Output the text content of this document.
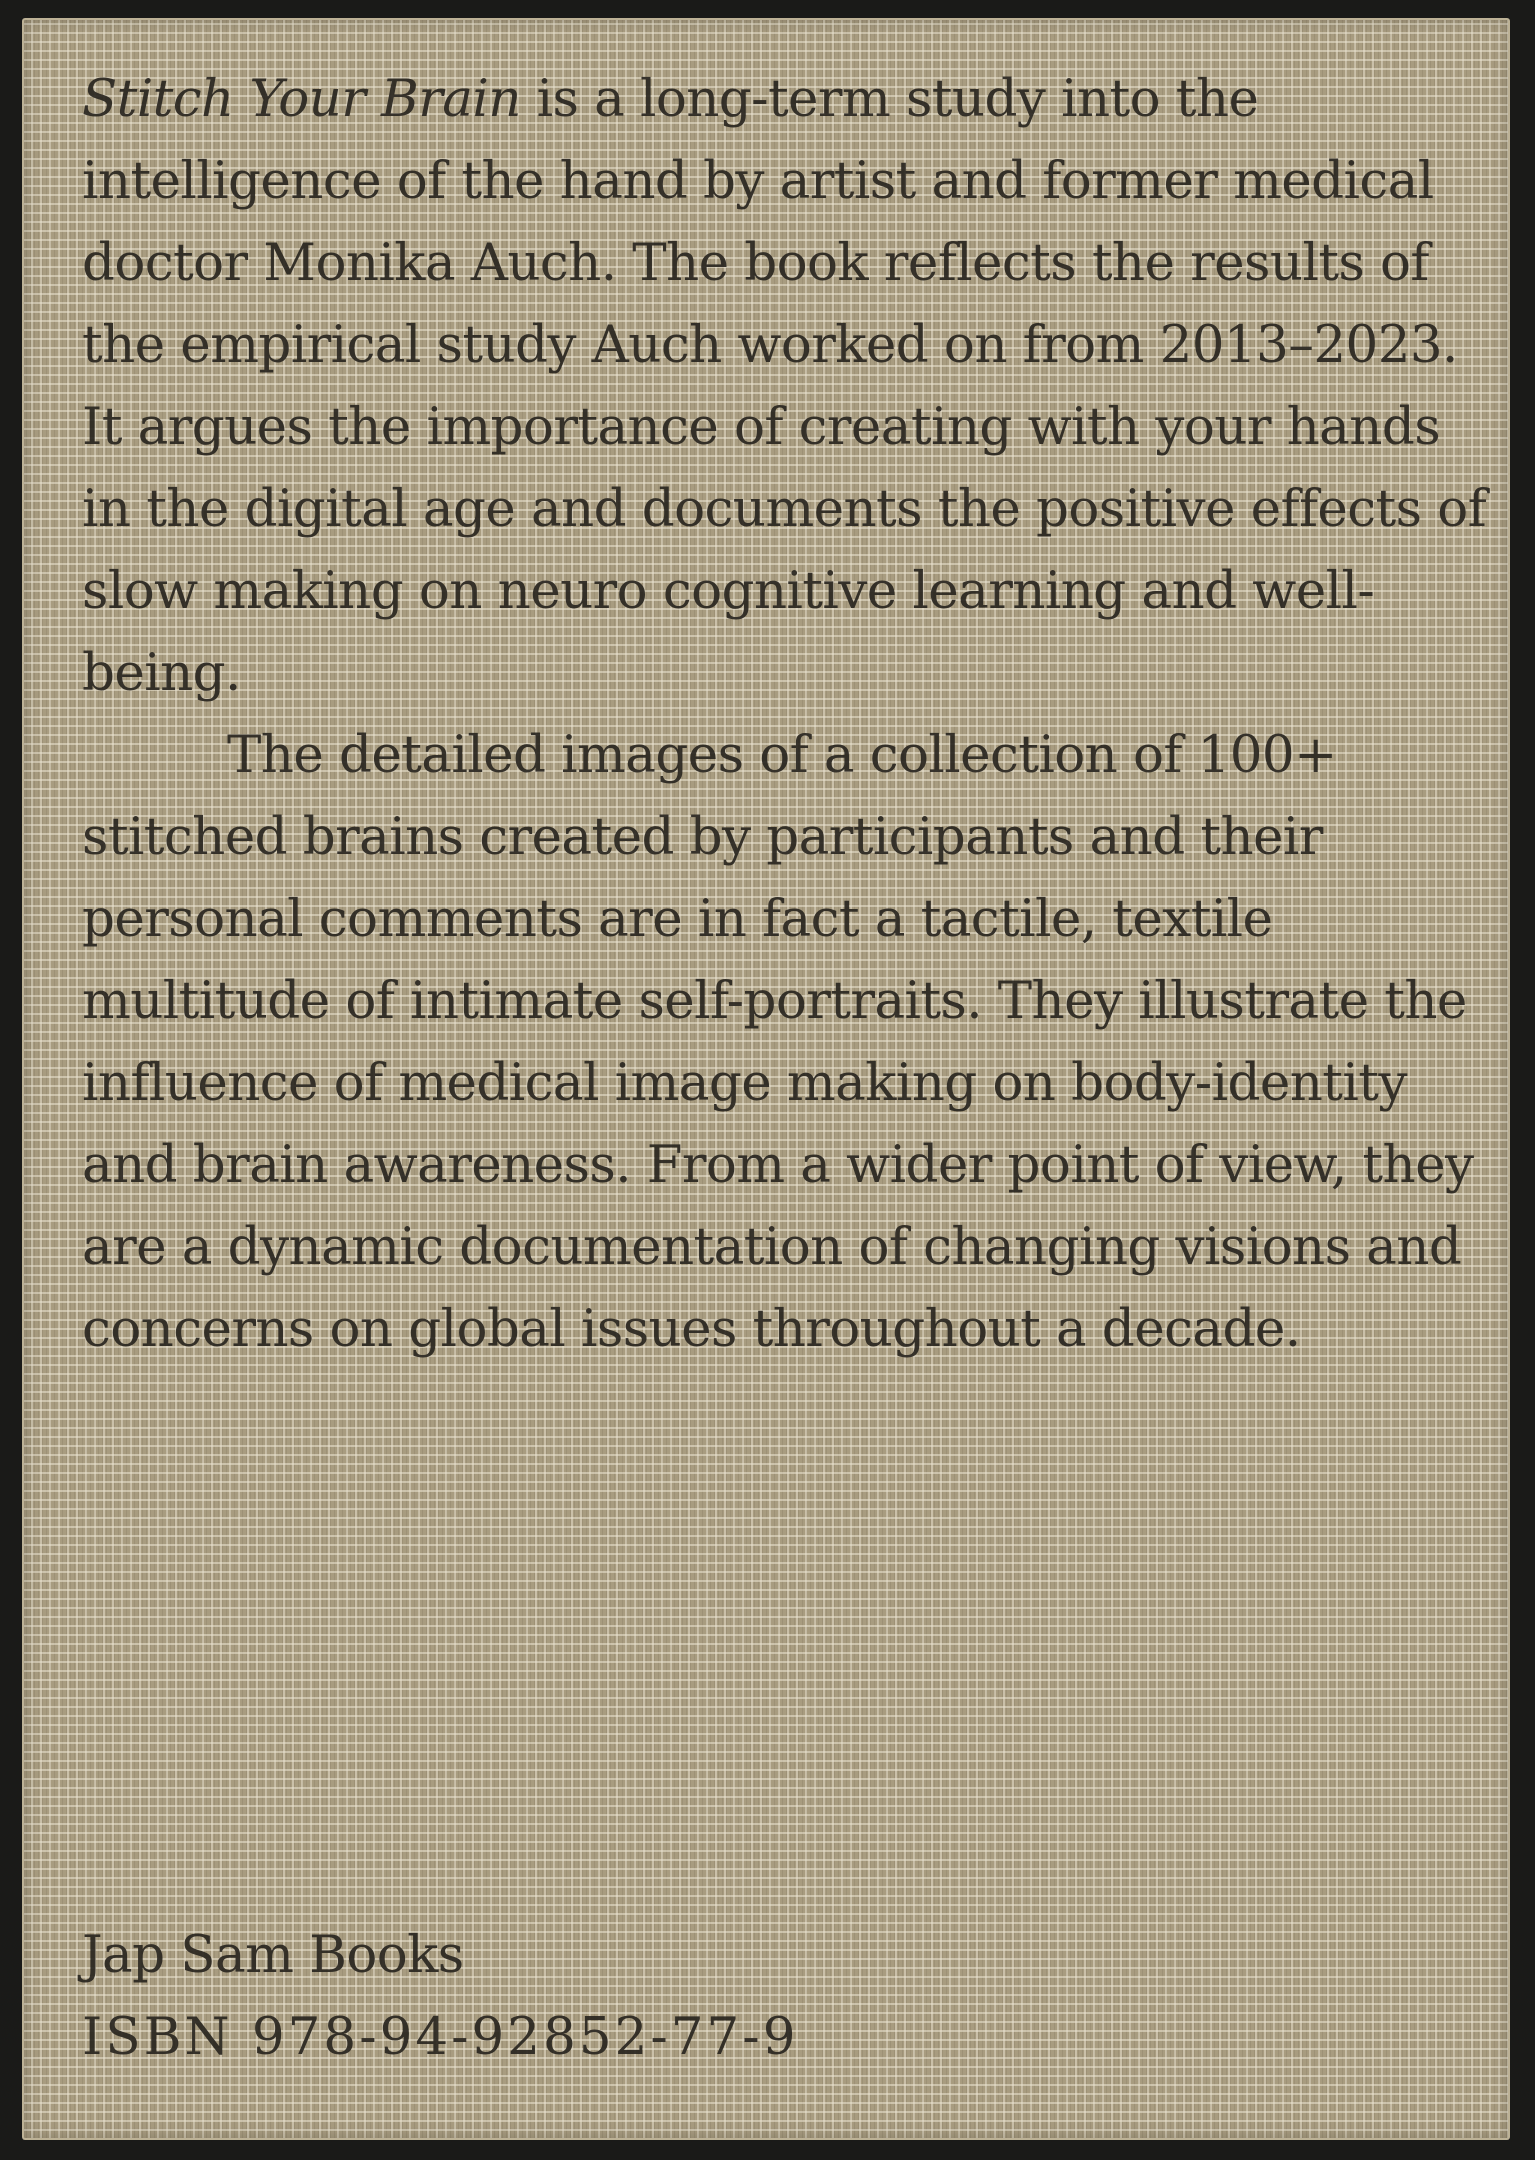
Stitch Your Brain is a long-term study into the intelligence of the hand by artist and former medical doctor Monika Auch. The book reflects the results of the empirical study Auch worked on from 2013–2023. It argues the importance of creating with your hands in the digital age and documents the positive effects of slow making on neuro cognitive learning and well-being.

The detailed images of a collection of 100+ stitched brains created by participants and their personal comments are in fact a tactile, textile multitude of intimate self-portraits. They illustrate the influence of medical image making on body-identity and brain awareness. From a wider point of view, they are a dynamic documentation of changing visions and concerns on global issues throughout a decade.

Jap Sam Books
ISBN 978-94-92852-77-9
